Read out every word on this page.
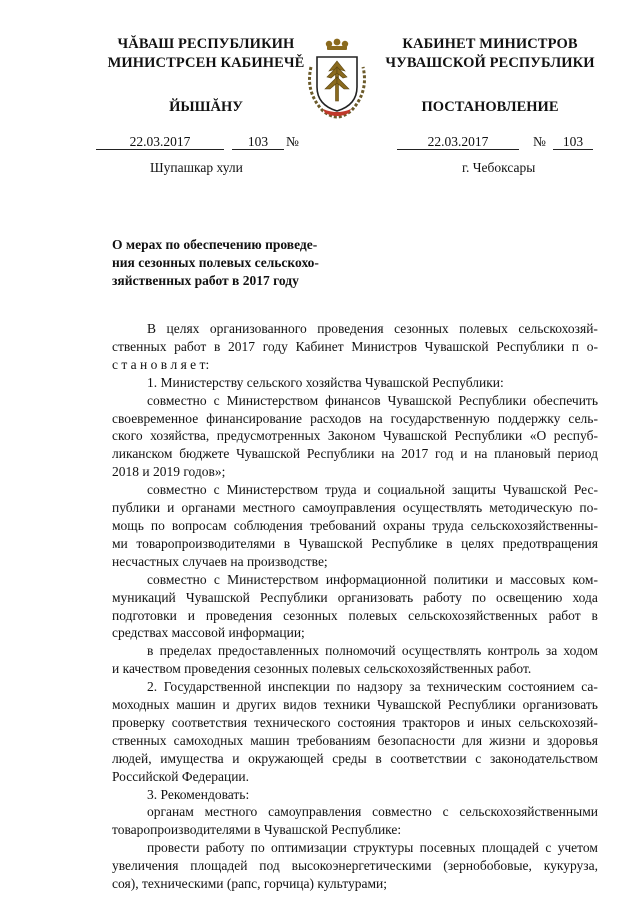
ЧĂВАШ РЕСПУБЛИКИН
МИНИСТРСЕН КАБИНЕЧĚ
КАБИНЕТ МИНИСТРОВ
ЧУВАШСКОЙ РЕСПУБЛИКИ
ЙЫШĂНУ	ПОСТАНОВЛЕНИЕ
22.03.2017	103	№	22.03.2017	№	103
Шупашкар хули	г. Чебоксары
О мерах по обеспечению проведе-
ния сезонных полевых сельскохо-
зяйственных работ в 2017 году
В целях организованного проведения сезонных полевых сельскохозяй-
ственных работ в 2017 году Кабинет Министров Чувашской Республики п о-
с т а н о в л я е т:
1. Министерству сельского хозяйства Чувашской Республики:
совместно с Министерством финансов Чувашской Республики обеспечить
своевременное финансирование расходов на государственную поддержку сель-
ского хозяйства, предусмотренных Законом Чувашской Республики «О респуб-
ликанском бюджете Чувашской Республики на 2017 год и на плановый период
2018 и 2019 годов»;
совместно с Министерством труда и социальной защиты Чувашской Рес-
публики и органами местного самоуправления осуществлять методическую по-
мощь по вопросам соблюдения требований охраны труда сельскохозяйственны-
ми товаропроизводителями в Чувашской Республике в целях предотвращения
несчастных случаев на производстве;
совместно с Министерством информационной политики и массовых ком-
муникаций Чувашской Республики организовать работу по освещению хода
подготовки и проведения сезонных полевых сельскохозяйственных работ в
средствах массовой информации;
в пределах предоставленных полномочий осуществлять контроль за ходом
и качеством проведения сезонных полевых сельскохозяйственных работ.
2. Государственной инспекции по надзору за техническим состоянием са-
моходных машин и других видов техники Чувашской Республики организовать
проверку соответствия технического состояния тракторов и иных сельскохозяй-
ственных самоходных машин требованиям безопасности для жизни и здоровья
людей, имущества и окружающей среды в соответствии с законодательством
Российской Федерации.
3. Рекомендовать:
органам местного самоуправления совместно с сельскохозяйственными
товаропроизводителями в Чувашской Республике:
провести работу по оптимизации структуры посевных площадей с учетом
увеличения площадей под высокоэнергетическими (зернобобовые, кукуруза,
соя), техническими (рапс, горчица) культурами;
